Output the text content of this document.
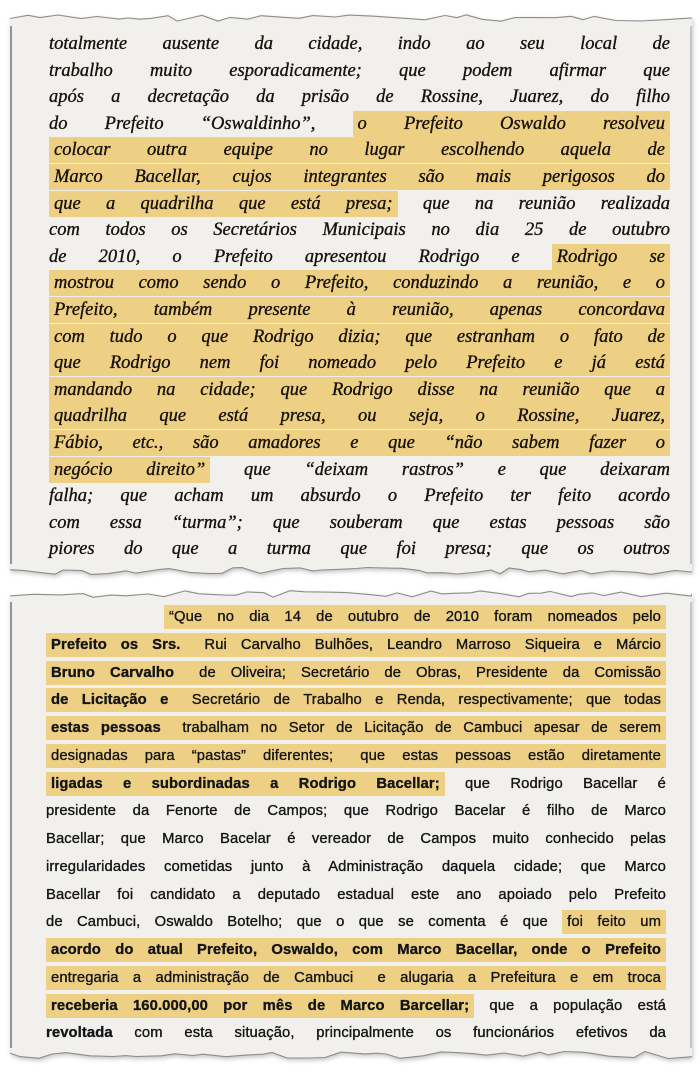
totalmente ausente da cidade, indo ao seu local de
trabalho muito esporadicamente; que podem afirmar que
após a decretação da prisão de Rossine, Juarez, do filho
do Prefeito “Oswaldinho”, o Prefeito Oswaldo resolveu
colocar outra equipe no lugar escolhendo aquela de
Marco Bacellar, cujos integrantes são mais perigosos do
que a quadrilha que está presa; que na reunião realizada
com todos os Secretários Municipais no dia 25 de outubro
de 2010, o Prefeito apresentou Rodrigo e Rodrigo se
mostrou como sendo o Prefeito, conduzindo a reunião, e o
Prefeito, também presente à reunião, apenas concordava
com tudo o que Rodrigo dizia; que estranham o fato de
que Rodrigo nem foi nomeado pelo Prefeito e já está
mandando na cidade; que Rodrigo disse na reunião que a
quadrilha que está presa, ou seja, o Rossine, Juarez,
Fábio, etc., são amadores e que “não sabem fazer o
negócio direito” que “deixam rastros” e que deixaram
falha; que acham um absurdo o Prefeito ter feito acordo
com essa “turma”; que souberam que estas pessoas são
piores do que a turma que foi presa; que os outros
“Que no dia 14 de outubro de 2010 foram nomeados pelo
Prefeito os Srs. Rui Carvalho Bulhões, Leandro Marroso Siqueira e Márcio
Bruno Carvalho de Oliveira; Secretário de Obras, Presidente da Comissão
de Licitação e Secretário de Trabalho e Renda, respectivamente; que todas
estas pessoas trabalham no Setor de Licitação de Cambuci apesar de serem
designadas para “pastas” diferentes; que estas pessoas estão diretamente
ligadas e subordinadas a Rodrigo Bacellar; que Rodrigo Bacellar é
presidente da Fenorte de Campos; que Rodrigo Bacelar é filho de Marco
Bacellar; que Marco Bacelar é vereador de Campos muito conhecido pelas
irregularidades cometidas junto à Administração daquela cidade; que Marco
Bacellar foi candidato a deputado estadual este ano apoiado pelo Prefeito
de Cambuci, Oswaldo Botelho; que o que se comenta é que foi feito um
acordo do atual Prefeito, Oswaldo, com Marco Bacellar, onde o Prefeito
entregaria a administração de Cambuci e alugaria a Prefeitura e em troca
receberia 160.000,00 por mês de Marco Barcellar; que a população está
revoltada com esta situação, principalmente os funcionários efetivos da
